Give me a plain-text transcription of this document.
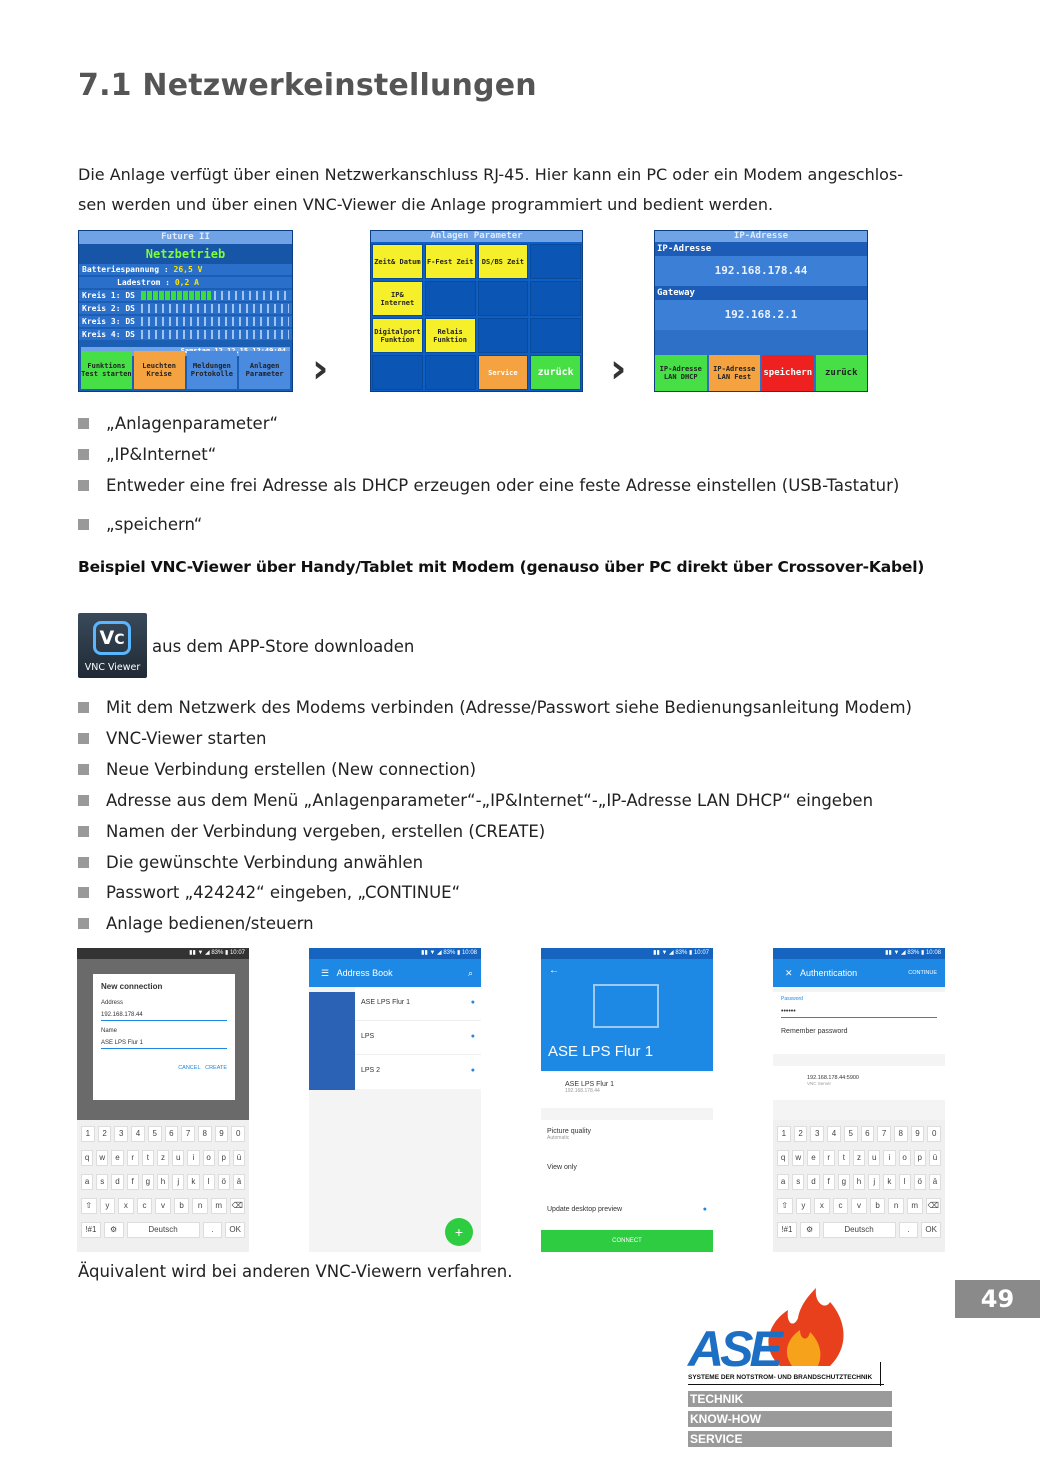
7.1 Netzwerkeinstellungen
Die Anlage verfügt über einen Netzwerkanschluss RJ-45. Hier kann ein PC oder ein Modem angeschlos-
sen werden und über einen VNC-Viewer die Anlage programmiert und bedient werden.
Future II
Netzbetrieb
Batteriespannung : 26,5 V
Ladestrom : 0,2 A
Kreis 1: DS
Kreis 2: DS
Kreis 3: DS
Kreis 4: DS
Funktions Test starten
Leuchten Kreise
Meldungen Protokolle
Anlagen Parameter ›
Anlagen Parameter
Zeit& Datum F-Fest Zeit	DS/BS Zeit
IP& Internet
Digitalport Funktion
Relais Funktion
Service	zurück ›
IP-Adresse
IP-Adresse
192.168.178.44
Gateway
192.168.2.1
IP-Adresse LAN DHCP
IP-Adresse LAN Fest	speichern	zurück
„Anlagenparameter“
„IP&Internet“
Entweder eine frei Adresse als DHCP erzeugen oder eine feste Adresse einstellen (USB-Tastatur)
„speichern“
Beispiel VNC-Viewer über Handy/Tablet mit Modem (genauso über PC direkt über Crossover-Kabel)
VC
VNC Viewer
aus dem APP-Store downloaden
Mit dem Netzwerk des Modems verbinden (Adresse/Passwort siehe Bedienungsanleitung Modem)
VNC-Viewer starten
Neue Verbindung erstellen (New connection)
Adresse aus dem Menü „Anlagenparameter“-„IP&Internet“-„IP-Adresse LAN DHCP“ eingeben
Namen der Verbindung vergeben, erstellen (CREATE)
Die gewünschte Verbindung anwählen
Passwort „424242“ eingeben, „CONTINUE“
Anlage bedienen/steuern
▮▮ ▼ ◢ 83% ▮ 10:07
New connection
Address
192.168.178.44
Name
ASE LPS Flur 1
CANCEL CREATE
1	2	3	4	5	6	7	8	9	0
q	w	e	r	t	z	u	i	o	p	ü
a	s	d	f	g	h	j	k	l	ö	ä
⇧	y	x	c	v	b	n	m	⌫
!#1	⚙	Deutsch	.	OK
▮▮ ▼ ◢ 83% ▮ 10:08
☰   Address Book	⌕
ASE LPS Flur 1	●
LPS	●
LPS 2	●
+
▮▮ ▼ ◢ 83% ▮ 10:07
←
ASE LPS Flur 1
ASE LPS Flur 1
192.168.178.44
Picture quality
Automatic
View only
Update desktop preview	●
CONNECT
▮▮ ▼ ◢ 83% ▮ 10:08
✕   Authentication	CONTINUE
Password
••••••
Remember password
192.168.178.44:5900
VNC Server
1	2	3	4	5	6	7	8	9	0
q	w	e	r	t	z	u	i	o	p	ü
a	s	d	f	g	h	j	k	l	ö	ä
⇧	y	x	c	v	b	n	m	⌫
!#1	⚙	Deutsch	.	OK
Äquivalent wird bei anderen VNC-Viewern verfahren.
49
ASE
SYSTEME DER NOTSTROM- UND BRANDSCHUTZTECHNIK
TECHNIK
KNOW-HOW
SERVICE
